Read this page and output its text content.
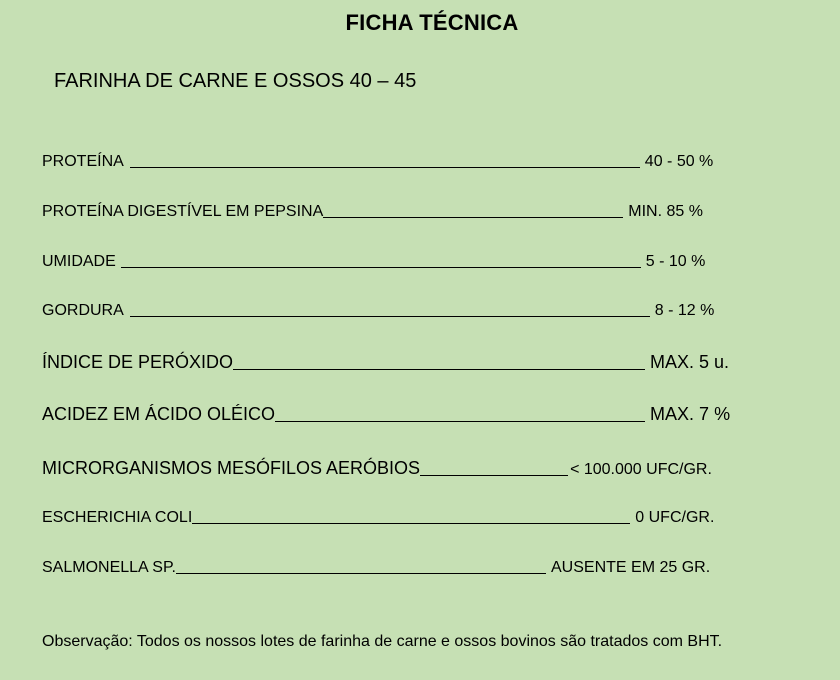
FICHA TÉCNICA
FARINHA DE CARNE E OSSOS 40 – 45
PROTEÍNA	40 - 50 %
PROTEÍNA DIGESTÍVEL EM PEPSINA	MIN. 85 %
UMIDADE	5 - 10 %
GORDURA	8 - 12 %
ÍNDICE DE PERÓXIDO	MAX. 5 u.
ACIDEZ EM ÁCIDO OLÉICO	MAX. 7 %
MICRORGANISMOS MESÓFILOS AERÓBIOS	< 100.000 UFC/GR.
ESCHERICHIA COLI	0 UFC/GR.
SALMONELLA SP.	AUSENTE EM 25 GR.
Observação: Todos os nossos lotes de farinha de carne e ossos bovinos são tratados com BHT.
